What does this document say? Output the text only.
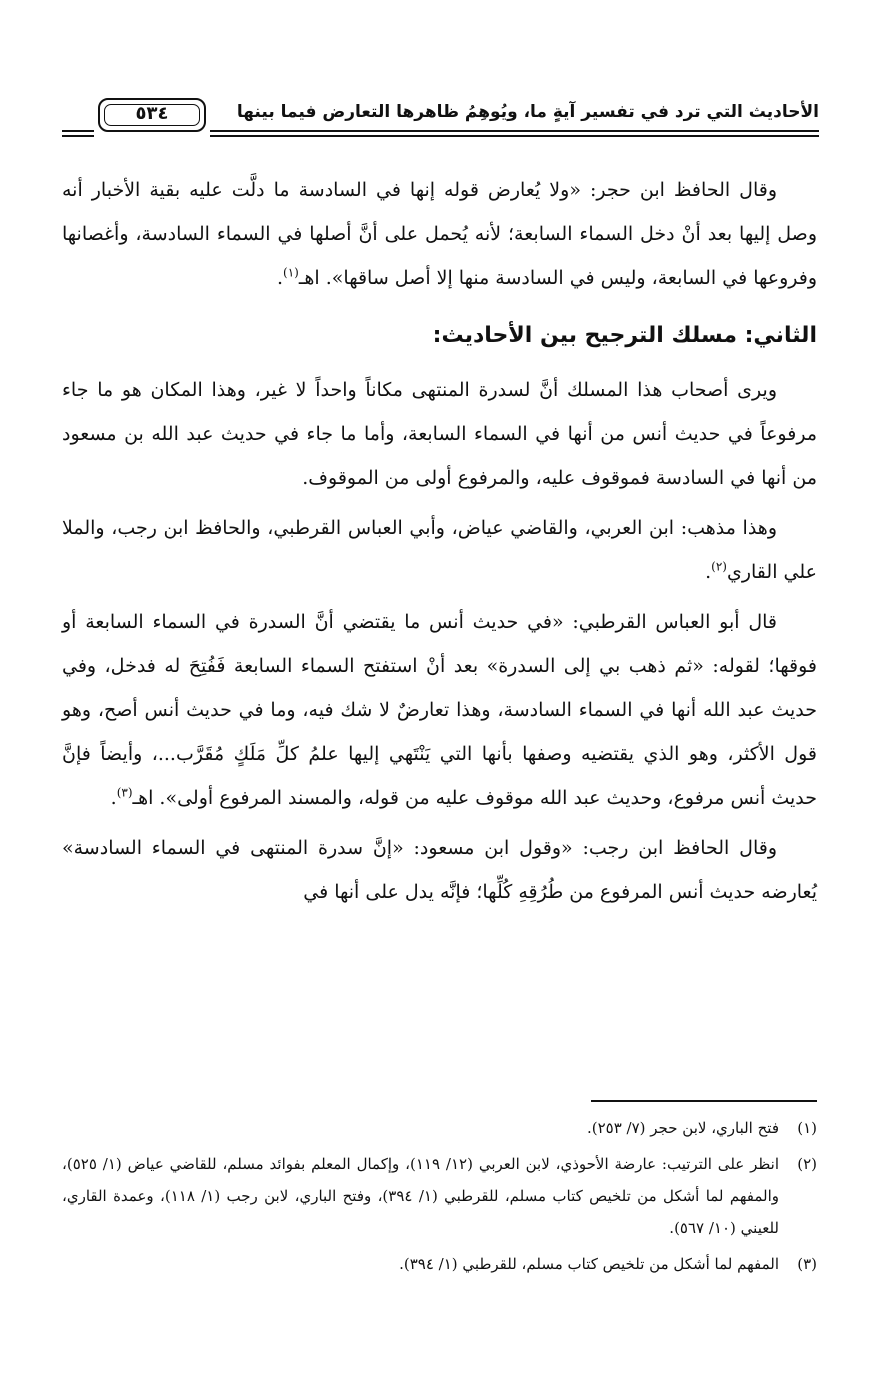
الأحاديث التي ترد في تفسير آيةٍ ما، ويُوهِمُ ظاهرها التعارض فيما بينها
٥٣٤

وقال الحافظ ابن حجر: «ولا يُعارض قوله إنها في السادسة ما دلَّت عليه بقية الأخبار أنه وصل إليها بعد أنْ دخل السماء السابعة؛ لأنه يُحمل على أنَّ أصلها في السماء السادسة، وأغصانها وفروعها في السابعة، وليس في السادسة منها إلا أصل ساقها». اهـ$^{(١)}$.

الثاني: مسلك الترجيح بين الأحاديث:

ويرى أصحاب هذا المسلك أنَّ لسدرة المنتهى مكاناً واحداً لا غير، وهذا المكان هو ما جاء مرفوعاً في حديث أنس من أنها في السماء السابعة، وأما ما جاء في حديث عبد الله بن مسعود من أنها في السادسة فموقوف عليه، والمرفوع أولى من الموقوف.

وهذا مذهب: ابن العربي، والقاضي عياض، وأبي العباس القرطبي، والحافظ ابن رجب، والملا علي القاري$^{(٢)}$.

قال أبو العباس القرطبي: «في حديث أنس ما يقتضي أنَّ السدرة في السماء السابعة أو فوقها؛ لقوله: «ثم ذهب بي إلى السدرة» بعد أنْ استفتح السماء السابعة فَفُتِحَ له فدخل، وفي حديث عبد الله أنها في السماء السادسة، وهذا تعارضٌ لا شك فيه، وما في حديث أنس أصح، وهو قول الأكثر، وهو الذي يقتضيه وصفها بأنها التي يَنْتَهي إليها علمُ كلِّ مَلَكٍ مُقَرَّب...، وأيضاً فإنَّ حديث أنس مرفوع، وحديث عبد الله موقوف عليه من قوله، والمسند المرفوع أولى». اهـ$^{(٣)}$.

وقال الحافظ ابن رجب: «وقول ابن مسعود: «إنَّ سدرة المنتهى في السماء السادسة» يُعارضه حديث أنس المرفوع من طُرُقِهِ كُلِّها؛ فإنَّه يدل على أنها في

(١)
فتح الباري، لابن حجر (٧/ ٢٥٣).
(٢)
انظر على الترتيب: عارضة الأحوذي، لابن العربي (١٢/ ١١٩)، وإكمال المعلم بفوائد مسلم، للقاضي عياض (١/ ٥٢٥)، والمفهم لما أشكل من تلخيص كتاب مسلم، للقرطبي (١/ ٣٩٤)، وفتح الباري، لابن رجب (١/ ١١٨)، وعمدة القاري، للعيني (١٠/ ٥٦٧).
(٣)
المفهم لما أشكل من تلخيص كتاب مسلم، للقرطبي (١/ ٣٩٤).
